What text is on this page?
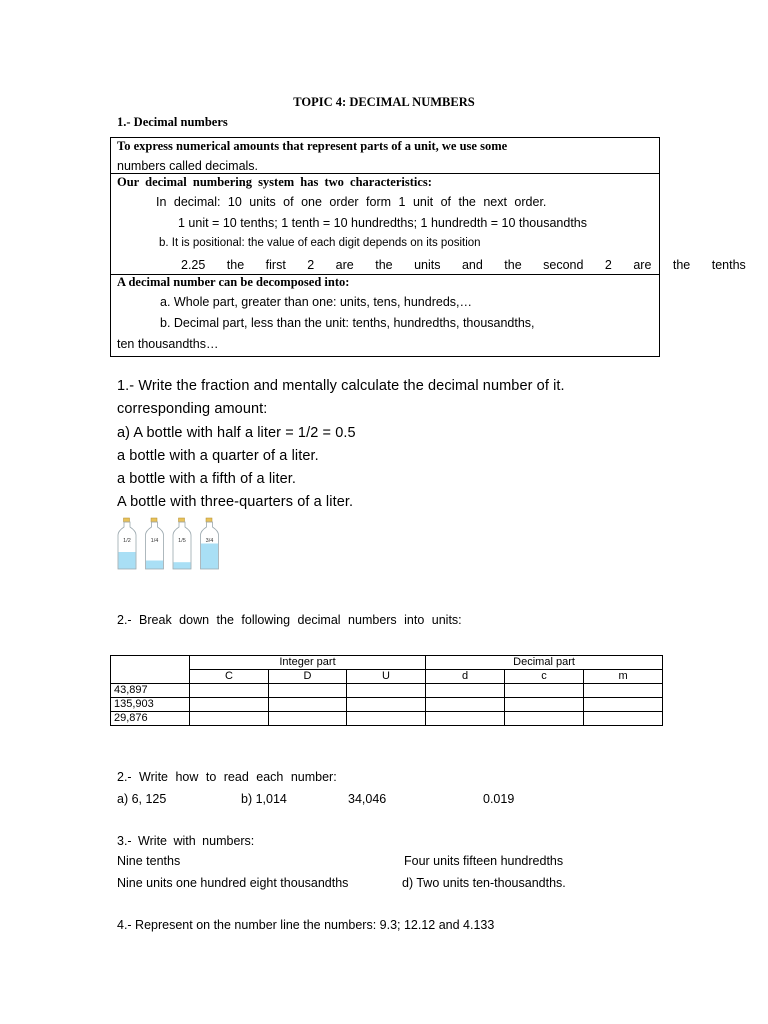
TOPIC 4: DECIMAL NUMBERS
1.- Decimal numbers
To express numerical amounts that represent parts of a unit, we use some
numbers called decimals.
Our decimal numbering system has two characteristics:
In decimal: 10 units of one order form 1 unit of the next order.
1 unit = 10 tenths; 1 tenth = 10 hundredths; 1 hundredth = 10 thousandths
b. It is positional: the value of each digit depends on its position
2.25 the first 2 are the units and the second 2 are the tenths
A decimal number can be decomposed into:
a. Whole part, greater than one: units, tens, hundreds,…
b. Decimal part, less than the unit: tenths, hundredths, thousandths,
ten thousandths…
1.- Write the fraction and mentally calculate the decimal number of it.
corresponding amount:
a) A bottle with half a liter = 1/2 = 0.5
a bottle with a quarter of a liter.
a bottle with a fifth of a liter.
A bottle with three-quarters of a liter.
1/2	1/4	1/5	3/4
2.- Break down the following decimal numbers into units:
	Integer part			Decimal part		
	C	D	U	d	c	m
43,897						
135,903						
29,876						
2.- Write how to read each number:
a) 6, 125	b) 1,014	34,046	0.019
3.- Write with numbers:
Nine tenths	Four units fifteen hundredths
Nine units one hundred eight thousandths	d) Two units ten-thousandths.
4.- Represent on the number line the numbers: 9.3; 12.12 and 4.133
